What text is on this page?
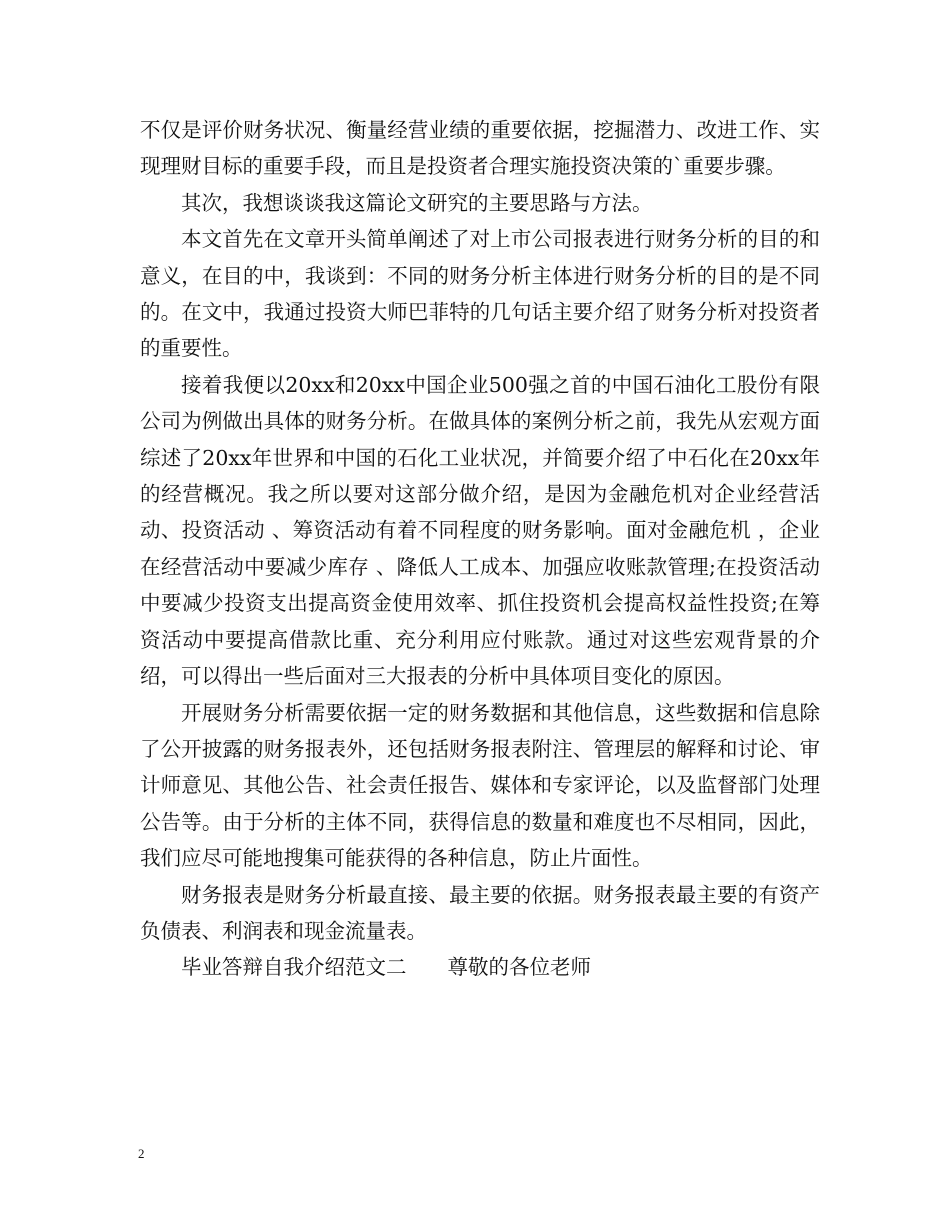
不仅是评价财务状况、衡量经营业绩的重要依据，挖掘潜力、改进工作、实现理财目标的重要手段，而且是投资者合理实施投资决策的`重要步骤。

其次，我想谈谈我这篇论文研究的主要思路与方法。

本文首先在文章开头简单阐述了对上市公司报表进行财务分析的目的和意义，在目的中，我谈到：不同的财务分析主体进行财务分析的目的是不同的。在文中，我通过投资大师巴菲特的几句话主要介绍了财务分析对投资者的重要性。

接着我便以20xx和20xx中国企业500强之首的中国石油化工股份有限公司为例做出具体的财务分析。在做具体的案例分析之前，我先从宏观方面综述了20xx年世界和中国的石化工业状况，并简要介绍了中石化在20xx年的经营概况。我之所以要对这部分做介绍，是因为金融危机对企业经营活动、投资活动 、筹资活动有着不同程度的财务影响。面对金融危机 ，企业在经营活动中要减少库存 、降低人工成本、加强应收账款管理;在投资活动中要减少投资支出提高资金使用效率、抓住投资机会提高权益性投资;在筹资活动中要提高借款比重、充分利用应付账款。通过对这些宏观背景的介绍，可以得出一些后面对三大报表的分析中具体项目变化的原因。

开展财务分析需要依据一定的财务数据和其他信息，这些数据和信息除了公开披露的财务报表外，还包括财务报表附注、管理层的解释和讨论、审计师意见、其他公告、社会责任报告、媒体和专家评论，以及监督部门处理公告等。由于分析的主体不同，获得信息的数量和难度也不尽相同，因此，我们应尽可能地搜集可能获得的各种信息，防止片面性。

财务报表是财务分析最直接、最主要的依据。财务报表最主要的有资产负债表、利润表和现金流量表。

毕业答辩自我介绍范文二　　尊敬的各位老师

2
